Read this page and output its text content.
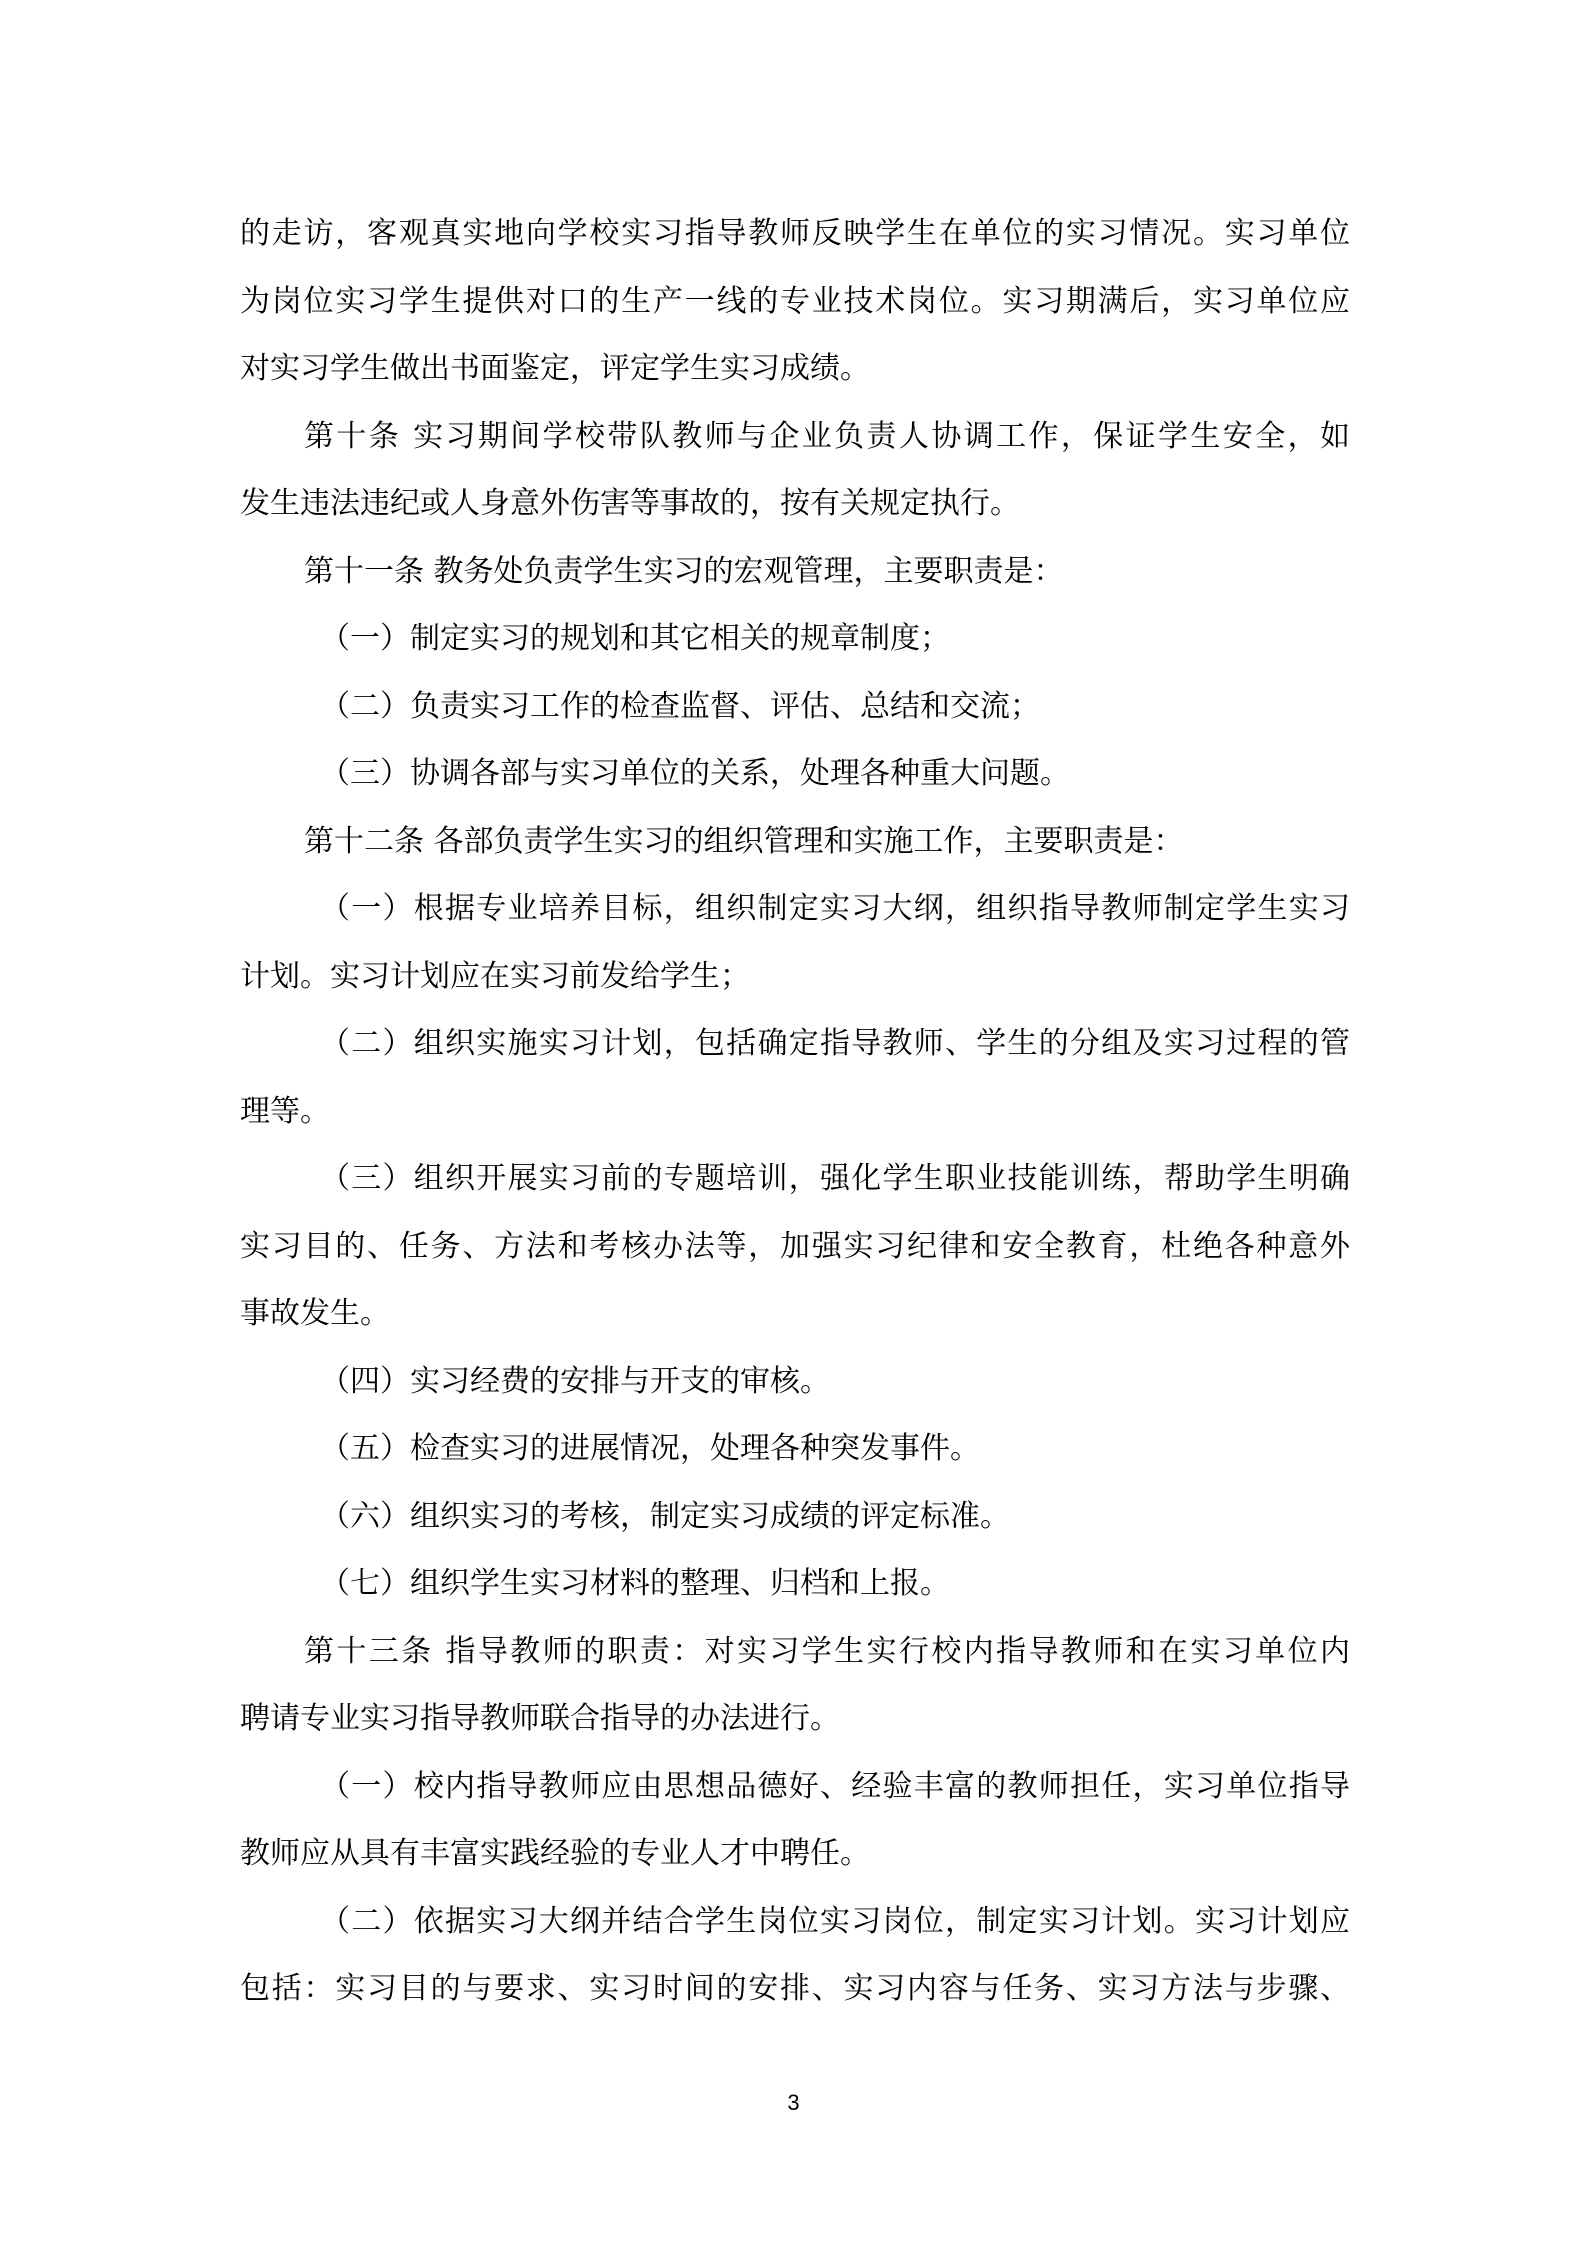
的走访，客观真实地向学校实习指导教师反映学生在单位的实习情况。实习单位
为岗位实习学生提供对口的生产一线的专业技术岗位。实习期满后，实习单位应
对实习学生做出书面鉴定，评定学生实习成绩。
第十条 实习期间学校带队教师与企业负责人协调工作，保证学生安全，如
发生违法违纪或人身意外伤害等事故的，按有关规定执行。
第十一条 教务处负责学生实习的宏观管理，主要职责是：
（一）制定实习的规划和其它相关的规章制度；
（二）负责实习工作的检查监督、评估、总结和交流；
（三）协调各部与实习单位的关系，处理各种重大问题。
第十二条 各部负责学生实习的组织管理和实施工作，主要职责是：
（一）根据专业培养目标，组织制定实习大纲，组织指导教师制定学生实习
计划。实习计划应在实习前发给学生；
（二）组织实施实习计划，包括确定指导教师、学生的分组及实习过程的管
理等。
（三）组织开展实习前的专题培训，强化学生职业技能训练，帮助学生明确
实习目的、任务、方法和考核办法等，加强实习纪律和安全教育，杜绝各种意外
事故发生。
（四）实习经费的安排与开支的审核。
（五）检查实习的进展情况，处理各种突发事件。
（六）组织实习的考核，制定实习成绩的评定标准。
（七）组织学生实习材料的整理、归档和上报。
第十三条 指导教师的职责：对实习学生实行校内指导教师和在实习单位内
聘请专业实习指导教师联合指导的办法进行。
（一）校内指导教师应由思想品德好、经验丰富的教师担任，实习单位指导
教师应从具有丰富实践经验的专业人才中聘任。
（二）依据实习大纲并结合学生岗位实习岗位，制定实习计划。实习计划应
包括：实习目的与要求、实习时间的安排、实习内容与任务、实习方法与步骤、
3
